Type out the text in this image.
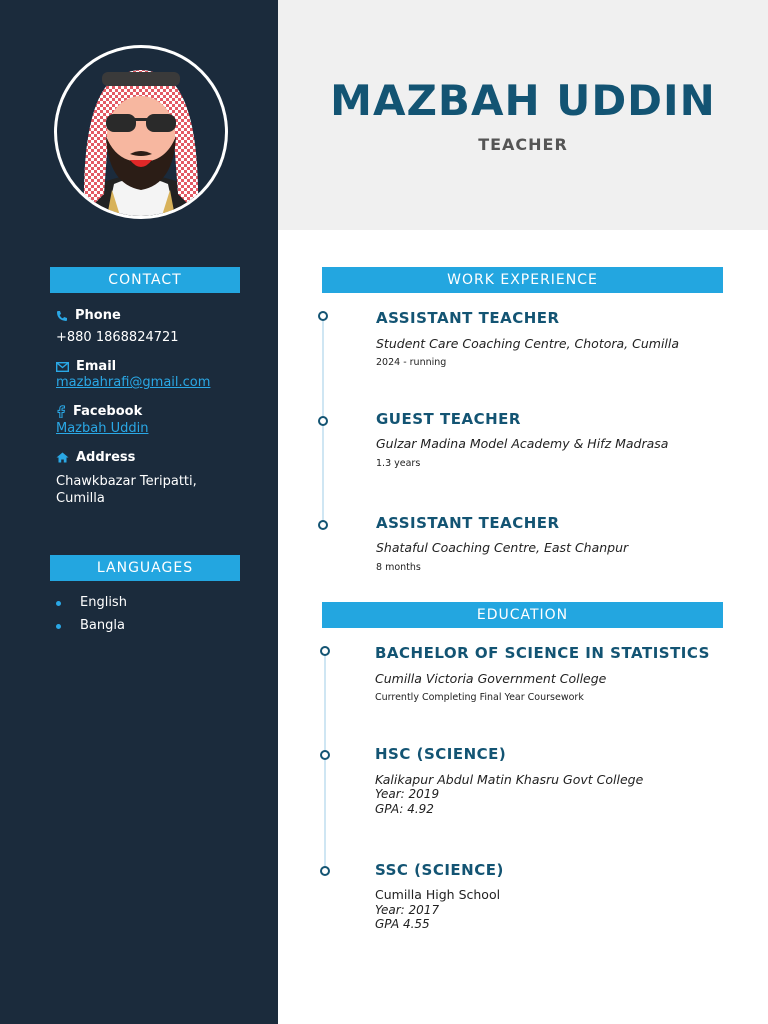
MAZBAH UDDIN
TEACHER
CONTACT
Phone
+880 1868824721
Email
mazbahrafi@gmail.com
Facebook
Mazbah Uddin
Address
Chawkbazar Teripatti,
Cumilla
LANGUAGES
English
Bangla
WORK EXPERIENCE
ASSISTANT TEACHER
Student Care Coaching Centre, Chotora, Cumilla
2024 - running
GUEST TEACHER
Gulzar Madina Model Academy & Hifz Madrasa
1.3 years
ASSISTANT TEACHER
Shataful Coaching Centre, East Chanpur
8 months
EDUCATION
BACHELOR OF SCIENCE IN STATISTICS
Cumilla Victoria Government College
Currently Completing Final Year Coursework
HSC (SCIENCE)
Kalikapur Abdul Matin Khasru Govt College
Year: 2019
GPA: 4.92
SSC (SCIENCE)
Cumilla High School
Year: 2017
GPA 4.55
